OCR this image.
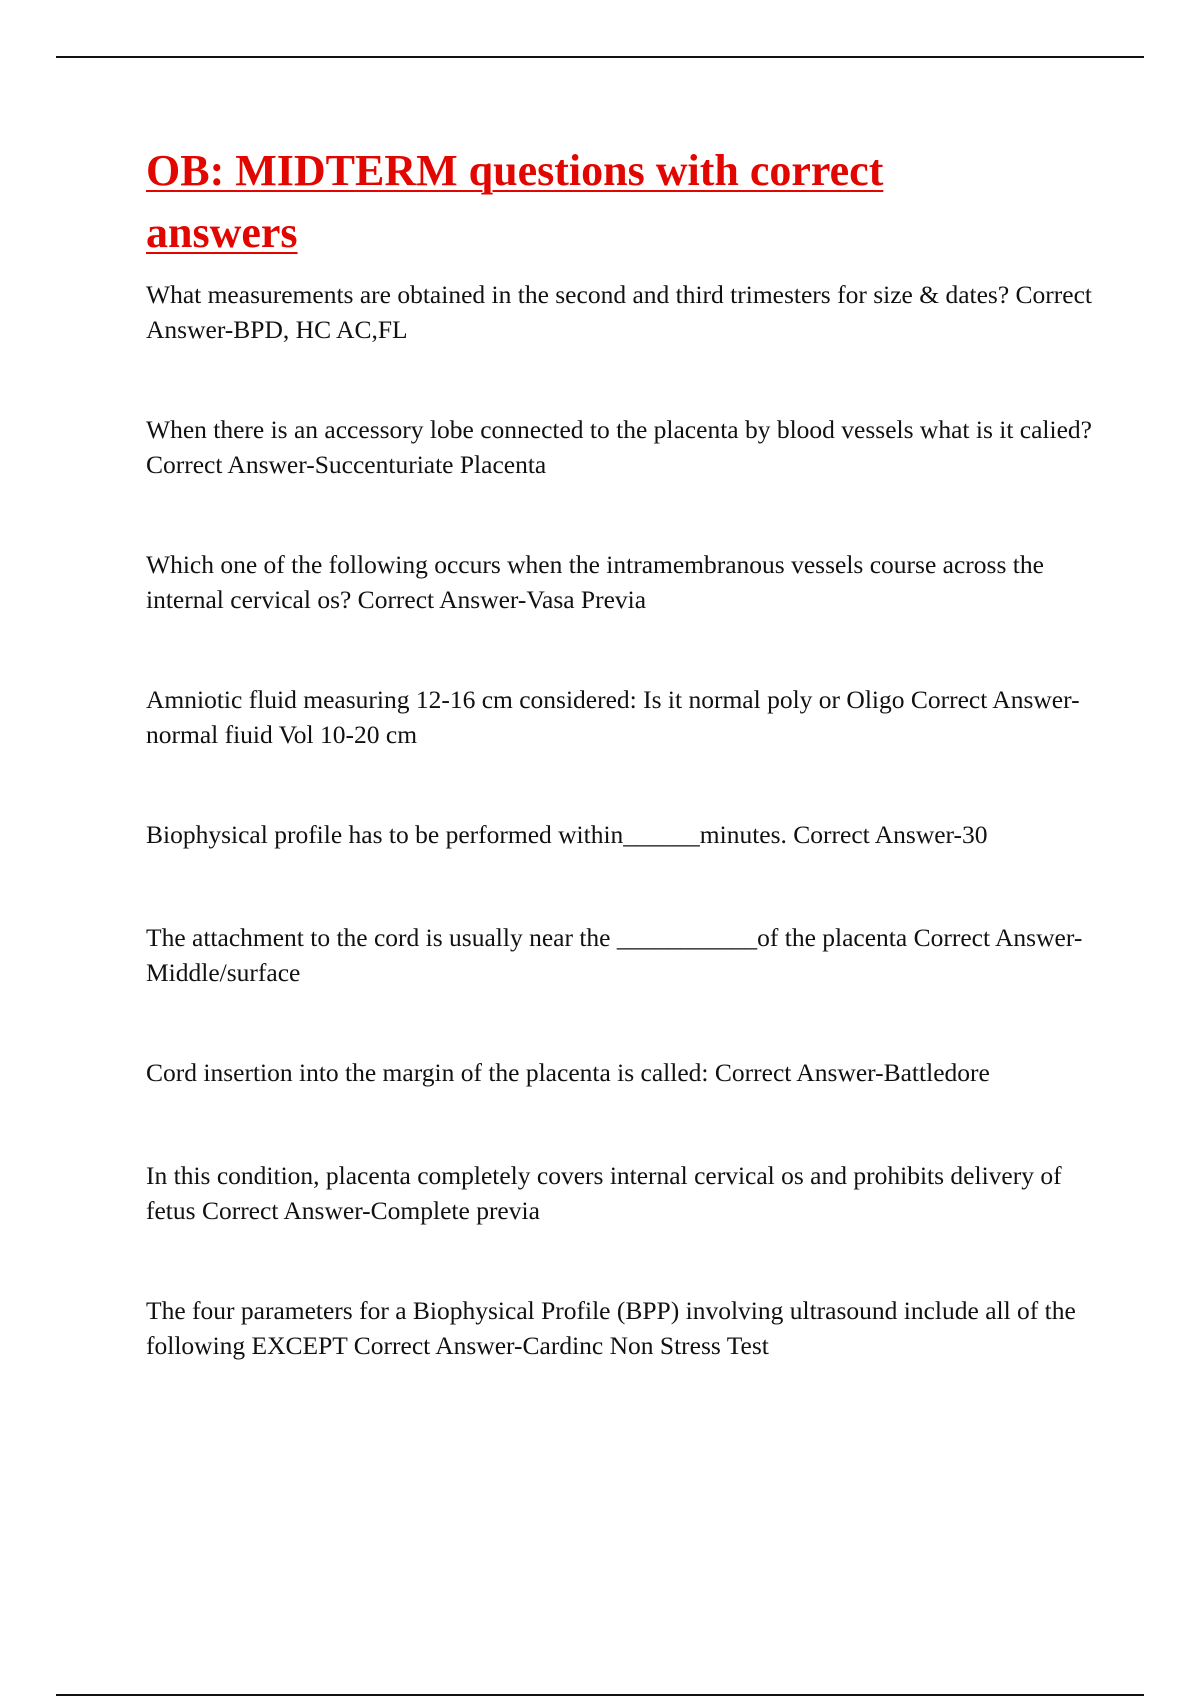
OB: MIDTERM questions with correct answers
What measurements are obtained in the second and third trimesters for size & dates? Correct Answer-BPD, HC AC,FL
When there is an accessory lobe connected to the placenta by blood vessels what is it calied? Correct Answer-Succenturiate Placenta
Which one of the following occurs when the intramembranous vessels course across the internal cervical os? Correct Answer-Vasa Previa
Amniotic fluid measuring 12-16 cm considered: Is it normal poly or Oligo Correct Answer-normal fiuid Vol 10-20 cm
Biophysical profile has to be performed within______minutes. Correct Answer-30
The attachment to the cord is usually near the ___________of the placenta Correct Answer-Middle/surface
Cord insertion into the margin of the placenta is called: Correct Answer-Battledore
In this condition, placenta completely covers internal cervical os and prohibits delivery of fetus Correct Answer-Complete previa
The four parameters for a Biophysical Profile (BPP) involving ultrasound include all of the following EXCEPT Correct Answer-Cardinc Non Stress Test
